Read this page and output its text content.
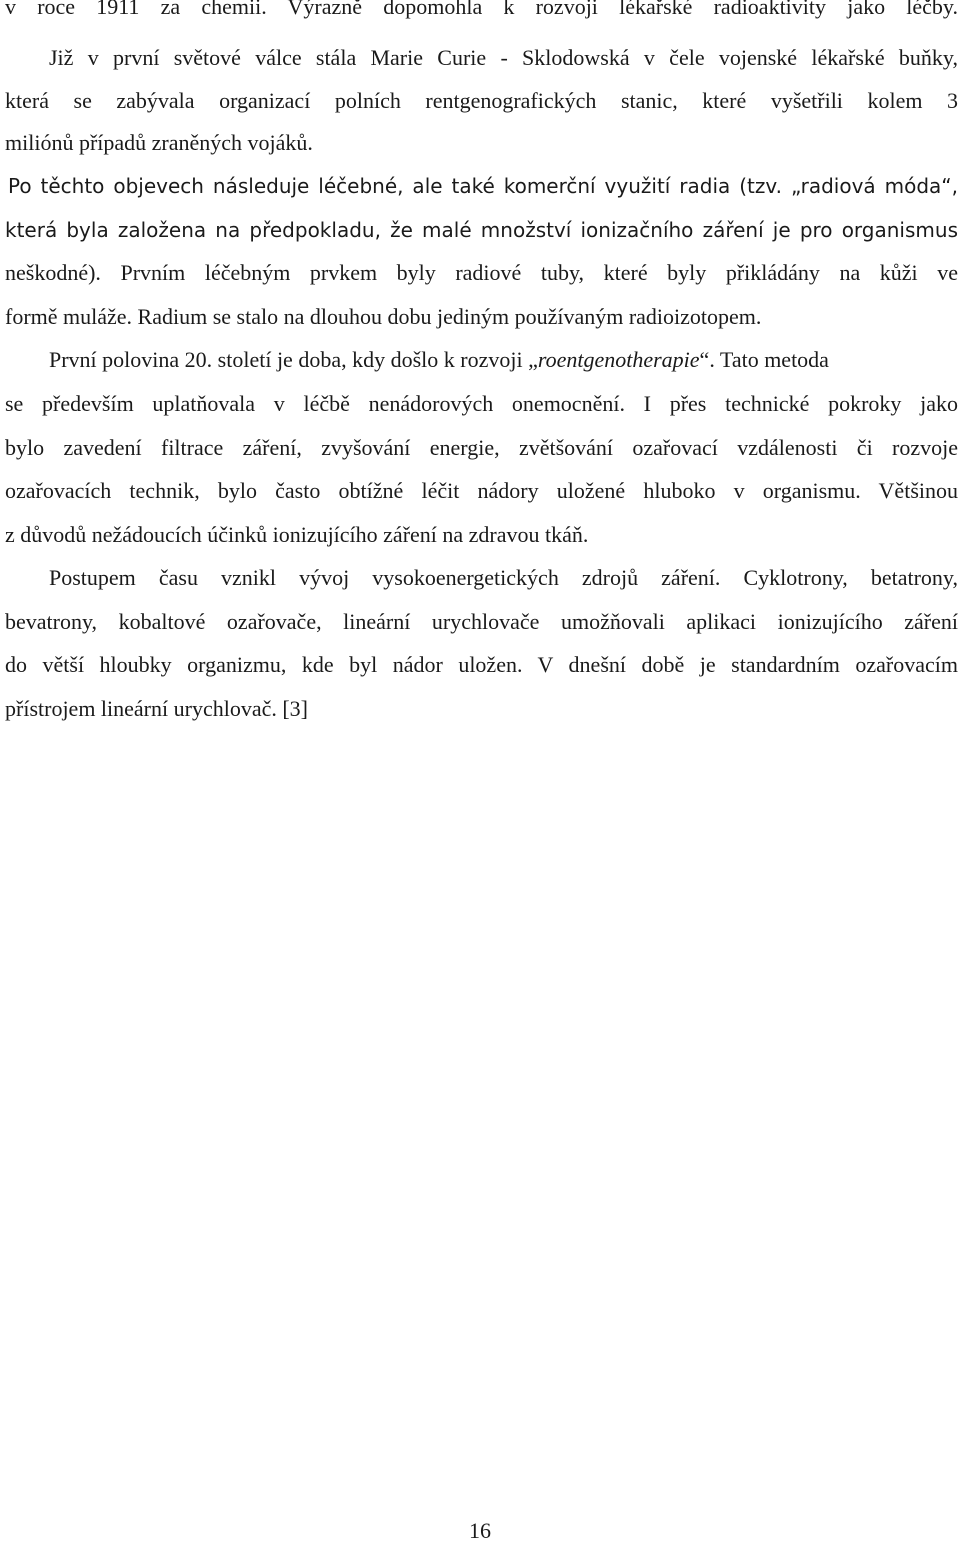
v roce 1911 za chemii. Výrazně dopomohla k rozvoji lékařské radioaktivity jako léčby.
Již v první světové válce stála Marie Curie - Sklodowská v čele vojenské lékařské buňky,
která se zabývala organizací polních rentgenografických stanic, které vyšetřili kolem 3
miliónů případů zraněných vojáků.
Po těchto objevech následuje léčebné, ale také komerční využití radia (tzv. „radiová móda“,
která byla založena na předpokladu, že malé množství ionizačního záření je pro organismus
neškodné). Prvním léčebným prvkem byly radiové tuby, které byly přikládány na kůži ve
formě muláže. Radium se stalo na dlouhou dobu jediným používaným radioizotopem.
První polovina 20. století je doba, kdy došlo k rozvoji „roentgenotherapie“. Tato metoda
se především uplatňovala v léčbě nenádorových onemocnění. I přes technické pokroky jako
bylo zavedení filtrace záření, zvyšování energie, zvětšování ozařovací vzdálenosti či rozvoje
ozařovacích technik, bylo často obtížné léčit nádory uložené hluboko v organismu. Většinou
z důvodů nežádoucích účinků ionizujícího záření na zdravou tkáň.
Postupem času vznikl vývoj vysokoenergetických zdrojů záření. Cyklotrony, betatrony,
bevatrony, kobaltové ozařovače, lineární urychlovače umožňovali aplikaci ionizujícího záření
do větší hloubky organizmu, kde byl nádor uložen. V dnešní době je standardním ozařovacím
přístrojem lineární urychlovač. [3]
16
